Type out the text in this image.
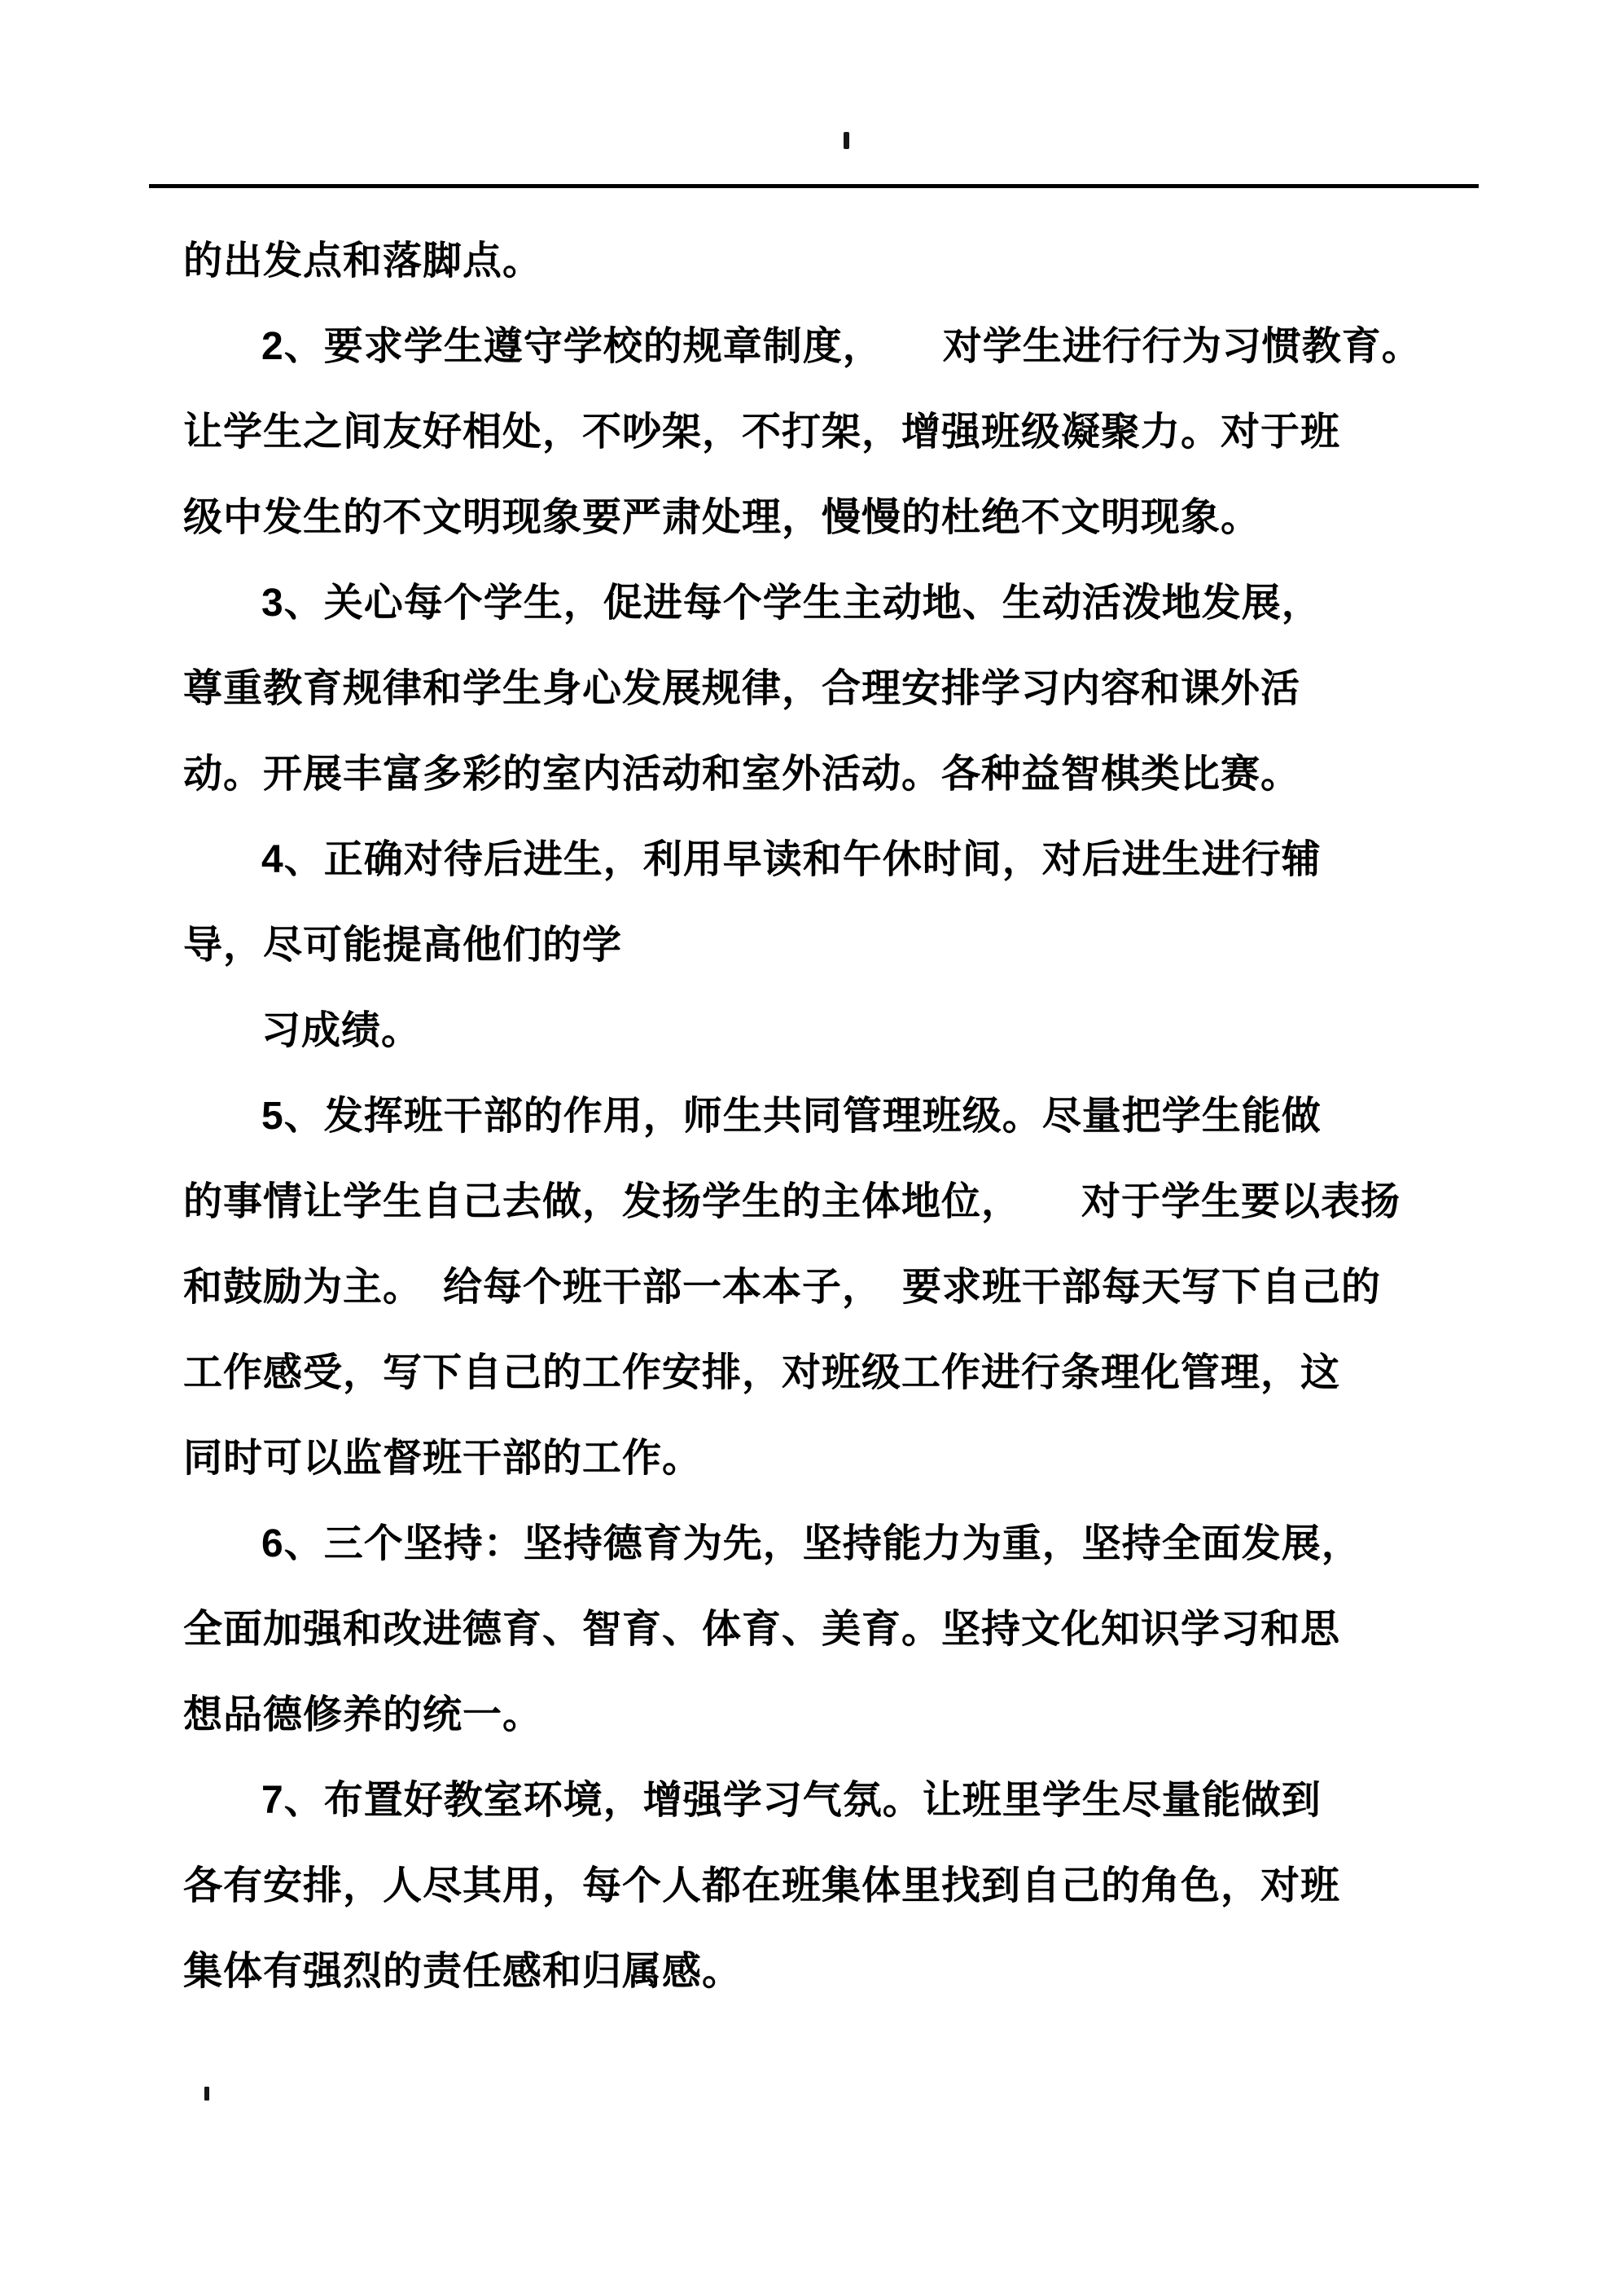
的出发点和落脚点。
2、要求学生遵守学校的规章制度，　　对学生进行行为习惯教育。
让学生之间友好相处，不吵架，不打架，增强班级凝聚力。对于班
级中发生的不文明现象要严肃处理，慢慢的杜绝不文明现象。
3、关心每个学生，促进每个学生主动地、生动活泼地发展，
尊重教育规律和学生身心发展规律，合理安排学习内容和课外活
动。开展丰富多彩的室内活动和室外活动。各种益智棋类比赛。
4、正确对待后进生，利用早读和午休时间，对后进生进行辅
导，尽可能提高他们的学
习成绩。
5、发挥班干部的作用，师生共同管理班级。尽量把学生能做
的事情让学生自己去做，发扬学生的主体地位，　　对于学生要以表扬
和鼓励为主。　给每个班干部一本本子，　要求班干部每天写下自己的
工作感受，写下自己的工作安排，对班级工作进行条理化管理，这
同时可以监督班干部的工作。
6、三个坚持：坚持德育为先，坚持能力为重，坚持全面发展，
全面加强和改进德育、智育、体育、美育。坚持文化知识学习和思
想品德修养的统一。
7、布置好教室环境，增强学习气氛。让班里学生尽量能做到
各有安排，人尽其用，每个人都在班集体里找到自己的角色，对班
集体有强烈的责任感和归属感。
